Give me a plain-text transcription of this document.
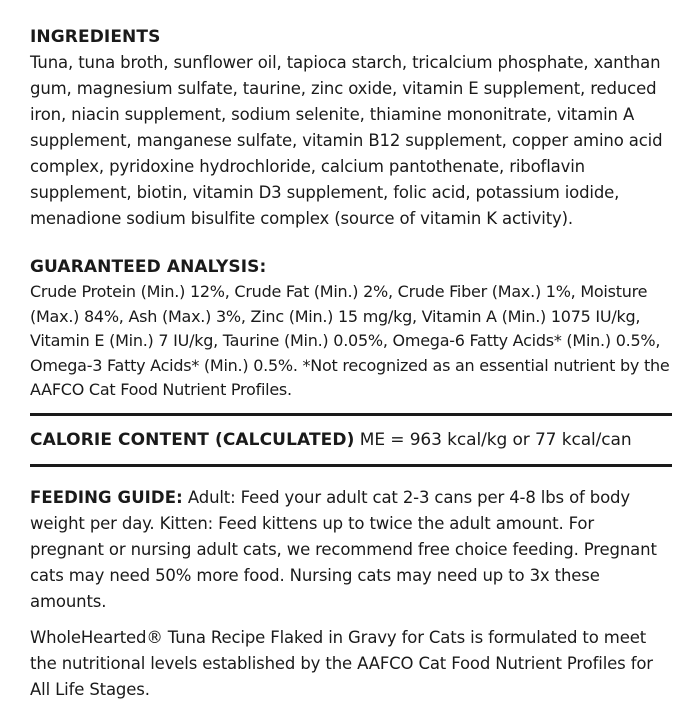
INGREDIENTS
Tuna, tuna broth, sunflower oil, tapioca starch, tricalcium phosphate, xanthan gum, magnesium sulfate, taurine, zinc oxide, vitamin E supplement, reduced iron, niacin supplement, sodium selenite, thiamine mononitrate, vitamin A supplement, manganese sulfate, vitamin B12 supplement, copper amino acid complex, pyridoxine hydrochloride, calcium pantothenate, riboflavin supplement, biotin, vitamin D3 supplement, folic acid, potassium iodide, menadione sodium bisulfite complex (source of vitamin K activity).
GUARANTEED ANALYSIS:
Crude Protein (Min.) 12%, Crude Fat (Min.) 2%, Crude Fiber (Max.) 1%, Moisture (Max.) 84%, Ash (Max.) 3%, Zinc (Min.) 15 mg/kg, Vitamin A (Min.) 1075 IU/kg, Vitamin E (Min.) 7 IU/kg, Taurine (Min.) 0.05%, Omega-6 Fatty Acids* (Min.) 0.5%, Omega-3 Fatty Acids* (Min.) 0.5%. *Not recognized as an essential nutrient by the AAFCO Cat Food Nutrient Profiles.
CALORIE CONTENT (CALCULATED) ME = 963 kcal/kg or 77 kcal/can
FEEDING GUIDE: Adult: Feed your adult cat 2-3 cans per 4-8 lbs of body weight per day. Kitten: Feed kittens up to twice the adult amount. For pregnant or nursing adult cats, we recommend free choice feeding. Pregnant cats may need 50% more food. Nursing cats may need up to 3x these amounts.
WholeHearted® Tuna Recipe Flaked in Gravy for Cats is formulated to meet the nutritional levels established by the AAFCO Cat Food Nutrient Profiles for All Life Stages.
